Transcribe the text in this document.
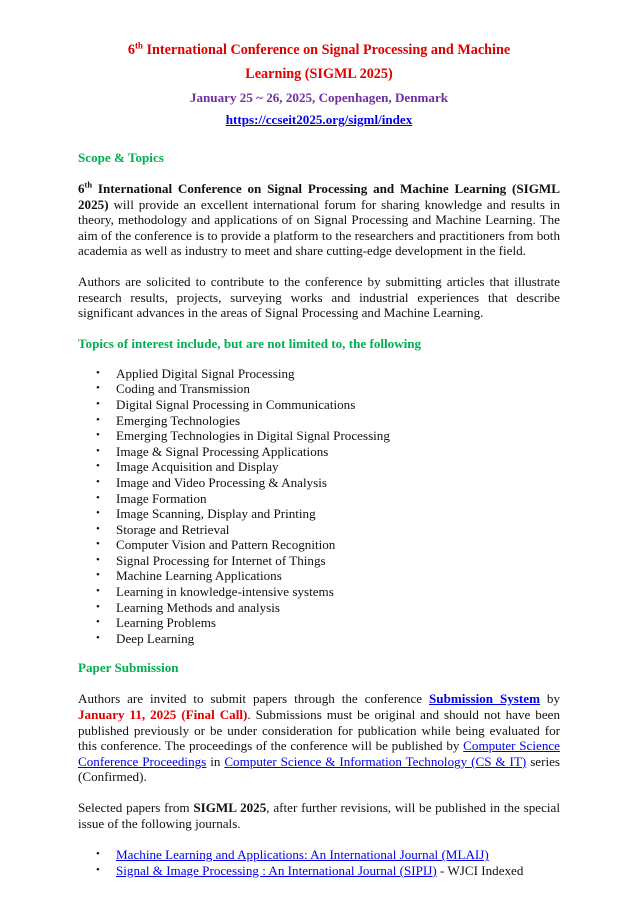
6th International Conference on Signal Processing and Machine
Learning (SIGML 2025)
January 25 ~ 26, 2025, Copenhagen, Denmark
https://ccseit2025.org/sigml/index
Scope & Topics

6th International Conference on Signal Processing and Machine Learning (SIGML 2025) will provide an excellent international forum for sharing knowledge and results in theory, methodology and applications of on Signal Processing and Machine Learning. The aim of the conference is to provide a platform to the researchers and practitioners from both academia as well as industry to meet and share cutting-edge development in the field.

Authors are solicited to contribute to the conference by submitting articles that illustrate research results, projects, surveying works and industrial experiences that describe significant advances in the areas of Signal Processing and Machine Learning.

Topics of interest include, but are not limited to, the following
• Applied Digital Signal Processing
• Coding and Transmission
• Digital Signal Processing in Communications
• Emerging Technologies
• Emerging Technologies in Digital Signal Processing
• Image & Signal Processing Applications
• Image Acquisition and Display
• Image and Video Processing & Analysis
• Image Formation
• Image Scanning, Display and Printing
• Storage and Retrieval
• Computer Vision and Pattern Recognition
• Signal Processing for Internet of Things
• Machine Learning Applications
• Learning in knowledge-intensive systems
• Learning Methods and analysis
• Learning Problems
• Deep Learning
Paper Submission

Authors are invited to submit papers through the conference Submission System by January 11, 2025 (Final Call). Submissions must be original and should not have been published previously or be under consideration for publication while being evaluated for this conference. The proceedings of the conference will be published by Computer Science Conference Proceedings in Computer Science & Information Technology (CS & IT) series (Confirmed).

Selected papers from SIGML 2025, after further revisions, will be published in the special issue of the following journals.

• Machine Learning and Applications: An International Journal (MLAIJ)
• Signal & Image Processing : An International Journal (SIPIJ) - WJCI Indexed
